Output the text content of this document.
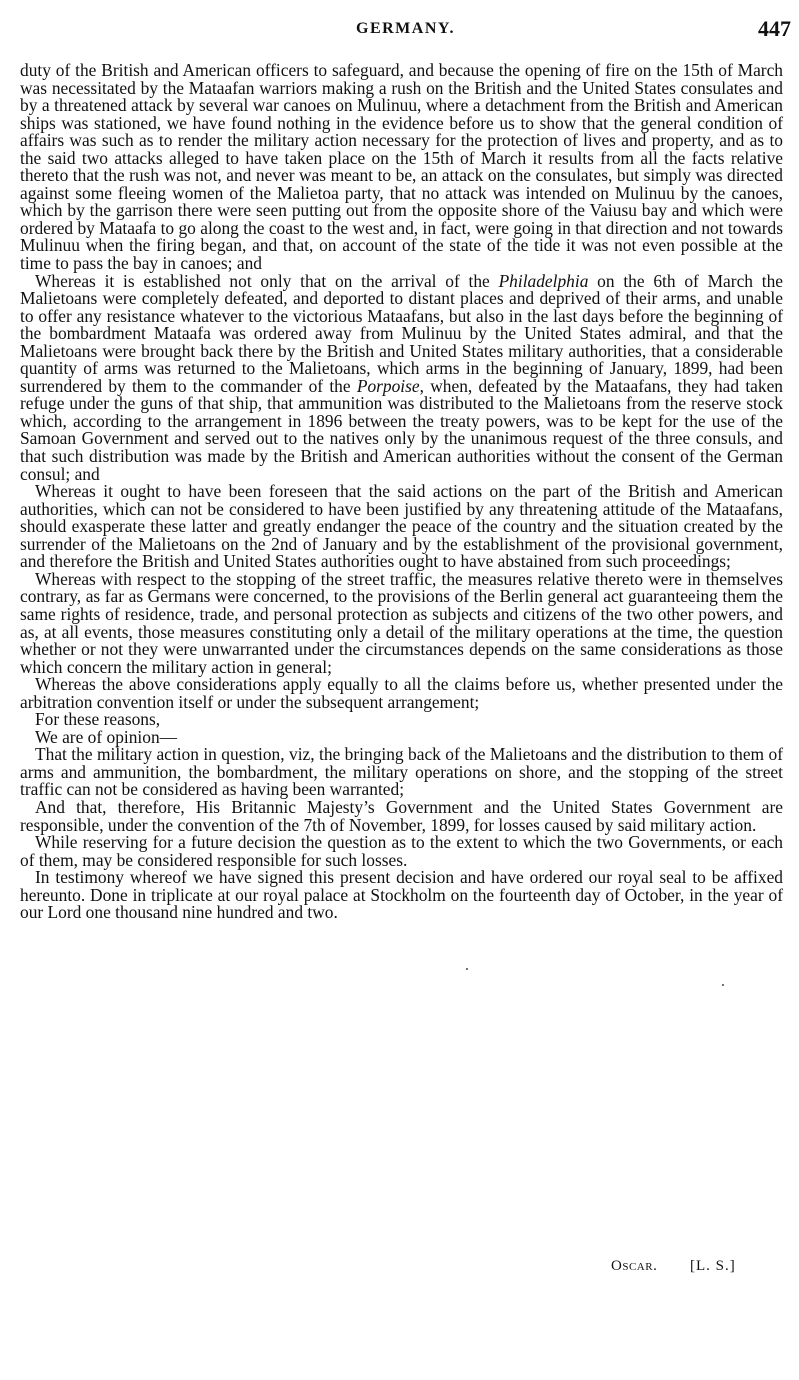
GERMANY.	447

duty of the British and American officers to safeguard, and because the opening of fire on the 15th of March was necessitated by the Mataafan warriors making a rush on the British and the United States consulates and by a threatened attack by several war canoes on Mulinuu, where a detachment from the British and American ships was stationed, we have found nothing in the evidence before us to show that the general condition of affairs was such as to render the military action necessary for the protection of lives and property, and as to the said two attacks alleged to have taken place on the 15th of March it results from all the facts relative thereto that the rush was not, and never was meant to be, an attack on the consulates, but simply was directed against some fleeing women of the Malietoa party, that no attack was intended on Mulinuu by the canoes, which by the garrison there were seen putting out from the opposite shore of the Vaiusu bay and which were ordered by Mataafa to go along the coast to the west and, in fact, were going in that direction and not towards Mulinuu when the firing began, and that, on account of the state of the tide it was not even possible at the time to pass the bay in canoes; and

Whereas it is established not only that on the arrival of the Philadelphia on the 6th of March the Malietoans were completely defeated, and deported to distant places and deprived of their arms, and unable to offer any resistance whatever to the victorious Mataafans, but also in the last days before the beginning of the bombardment Mataafa was ordered away from Mulinuu by the United States admiral, and that the Malietoans were brought back there by the British and United States military authorities, that a considerable quantity of arms was returned to the Malietoans, which arms in the beginning of January, 1899, had been surrendered by them to the commander of the Porpoise, when, defeated by the Mataafans, they had taken refuge under the guns of that ship, that ammunition was distributed to the Malietoans from the reserve stock which, according to the arrangement in 1896 between the treaty powers, was to be kept for the use of the Samoan Government and served out to the natives only by the unanimous request of the three consuls, and that such distribution was made by the British and American authorities without the consent of the German consul; and

Whereas it ought to have been foreseen that the said actions on the part of the British and American authorities, which can not be considered to have been justified by any threatening attitude of the Mataafans, should exasperate these latter and greatly endanger the peace of the country and the situation created by the surrender of the Malietoans on the 2nd of January and by the establishment of the provisional government, and therefore the British and United States authorities ought to have abstained from such proceedings;

Whereas with respect to the stopping of the street traffic, the measures relative thereto were in themselves contrary, as far as Germans were concerned, to the provisions of the Berlin general act guaranteeing them the same rights of residence, trade, and personal protection as subjects and citizens of the two other powers, and as, at all events, those measures constituting only a detail of the military operations at the time, the question whether or not they were unwarranted under the circumstances depends on the same considerations as those which concern the military action in general;

Whereas the above considerations apply equally to all the claims before us, whether presented under the arbitration convention itself or under the subsequent arrangement;

For these reasons,

We are of opinion—

That the military action in question, viz, the bringing back of the Malietoans and the distribution to them of arms and ammunition, the bombardment, the military operations on shore, and the stopping of the street traffic can not be considered as having been warranted;

And that, therefore, His Britannic Majesty’s Government and the United States Government are responsible, under the convention of the 7th of November, 1899, for losses caused by said military action.

While reserving for a future decision the question as to the extent to which the two Governments, or each of them, may be considered responsible for such losses.

In testimony whereof we have signed this present decision and have ordered our royal seal to be affixed hereunto. Done in triplicate at our royal palace at Stockholm on the fourteenth day of October, in the year of our Lord one thousand nine hundred and two.

Oscar. [L. S.]
